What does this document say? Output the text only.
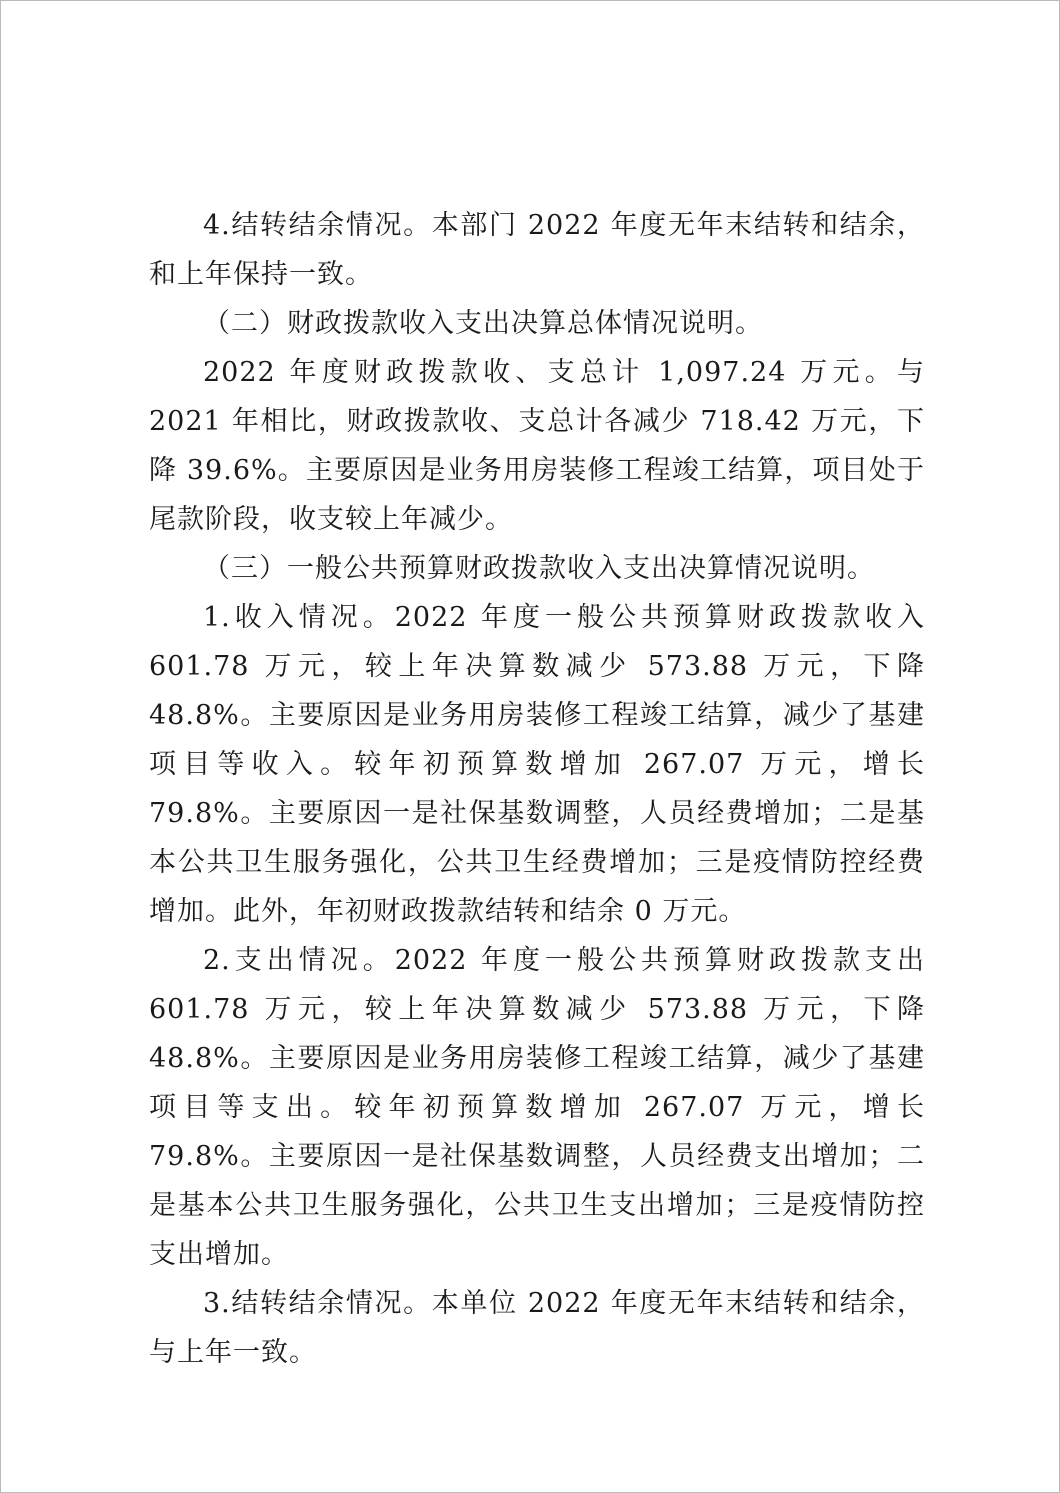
4.结转结余情况。本部门 2022 年度无年末结转和结余，和上年保持一致。

（二）财政拨款收入支出决算总体情况说明。

2022 年度财政拨款收、支总计 1,097.24 万元。与 2021 年相比，财政拨款收、支总计各减少 718.42 万元，下降 39.6%。主要原因是业务用房装修工程竣工结算，项目处于尾款阶段，收支较上年减少。

（三）一般公共预算财政拨款收入支出决算情况说明。

1.收入情况。2022 年度一般公共预算财政拨款收入 601.78 万元，较上年决算数减少 573.88 万元，下降 48.8%。主要原因是业务用房装修工程竣工结算，减少了基建项目等收入。较年初预算数增加 267.07 万元，增长 79.8%。主要原因一是社保基数调整，人员经费增加；二是基本公共卫生服务强化，公共卫生经费增加；三是疫情防控经费增加。此外，年初财政拨款结转和结余 0 万元。

2.支出情况。2022 年度一般公共预算财政拨款支出 601.78 万元，较上年决算数减少 573.88 万元，下降 48.8%。主要原因是业务用房装修工程竣工结算，减少了基建项目等支出。较年初预算数增加 267.07 万元，增长 79.8%。主要原因一是社保基数调整，人员经费支出增加；二是基本公共卫生服务强化，公共卫生支出增加；三是疫情防控支出增加。

3.结转结余情况。本单位 2022 年度无年末结转和结余，与上年一致。
